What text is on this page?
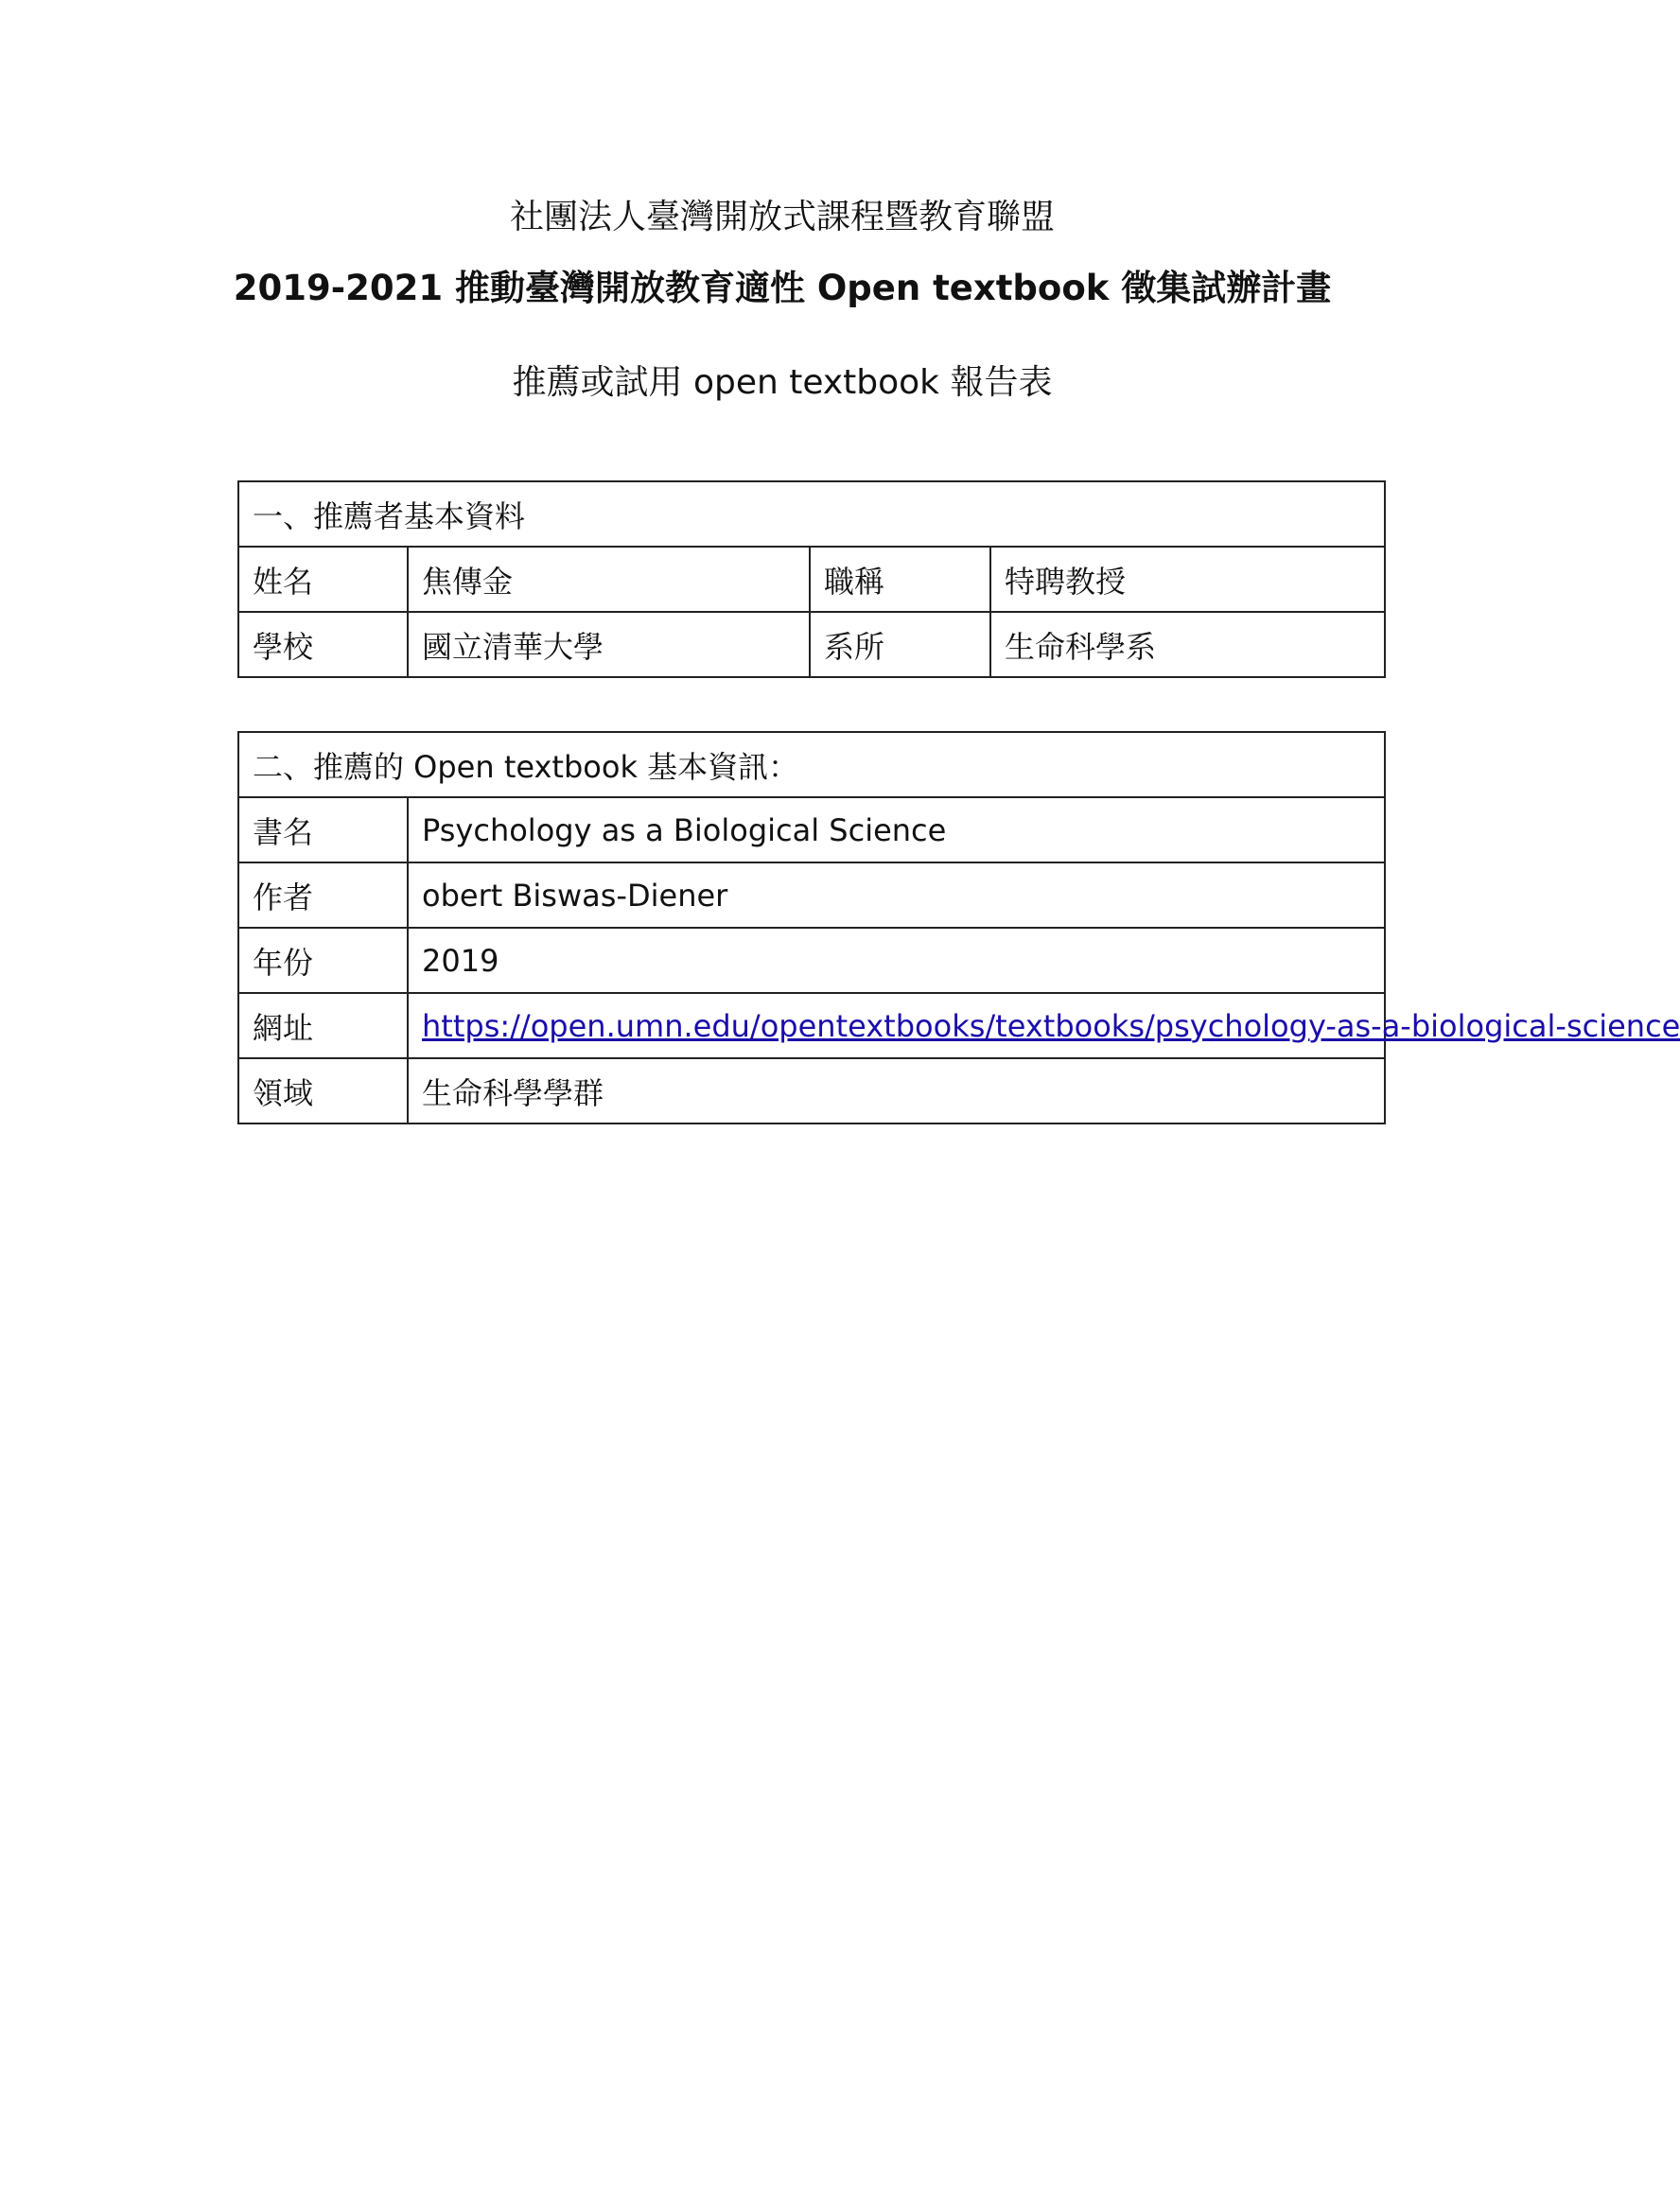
社團法人臺灣開放式課程暨教育聯盟
2019-2021 推動臺灣開放教育適性 Open textbook 徵集試辦計畫
推薦或試用 open textbook 報告表
一、推薦者基本資料			
姓名	焦傳金	職稱	特聘教授
學校	國立清華大學	系所	生命科學系
二、推薦的 Open textbook 基本資訊：	
書名	Psychology as a Biological Science
作者	obert Biswas-Diener
年份	2019
網址	https://open.umn.edu/opentextbooks/textbooks/psychology-as-a-biological-science
領域	生命科學學群
